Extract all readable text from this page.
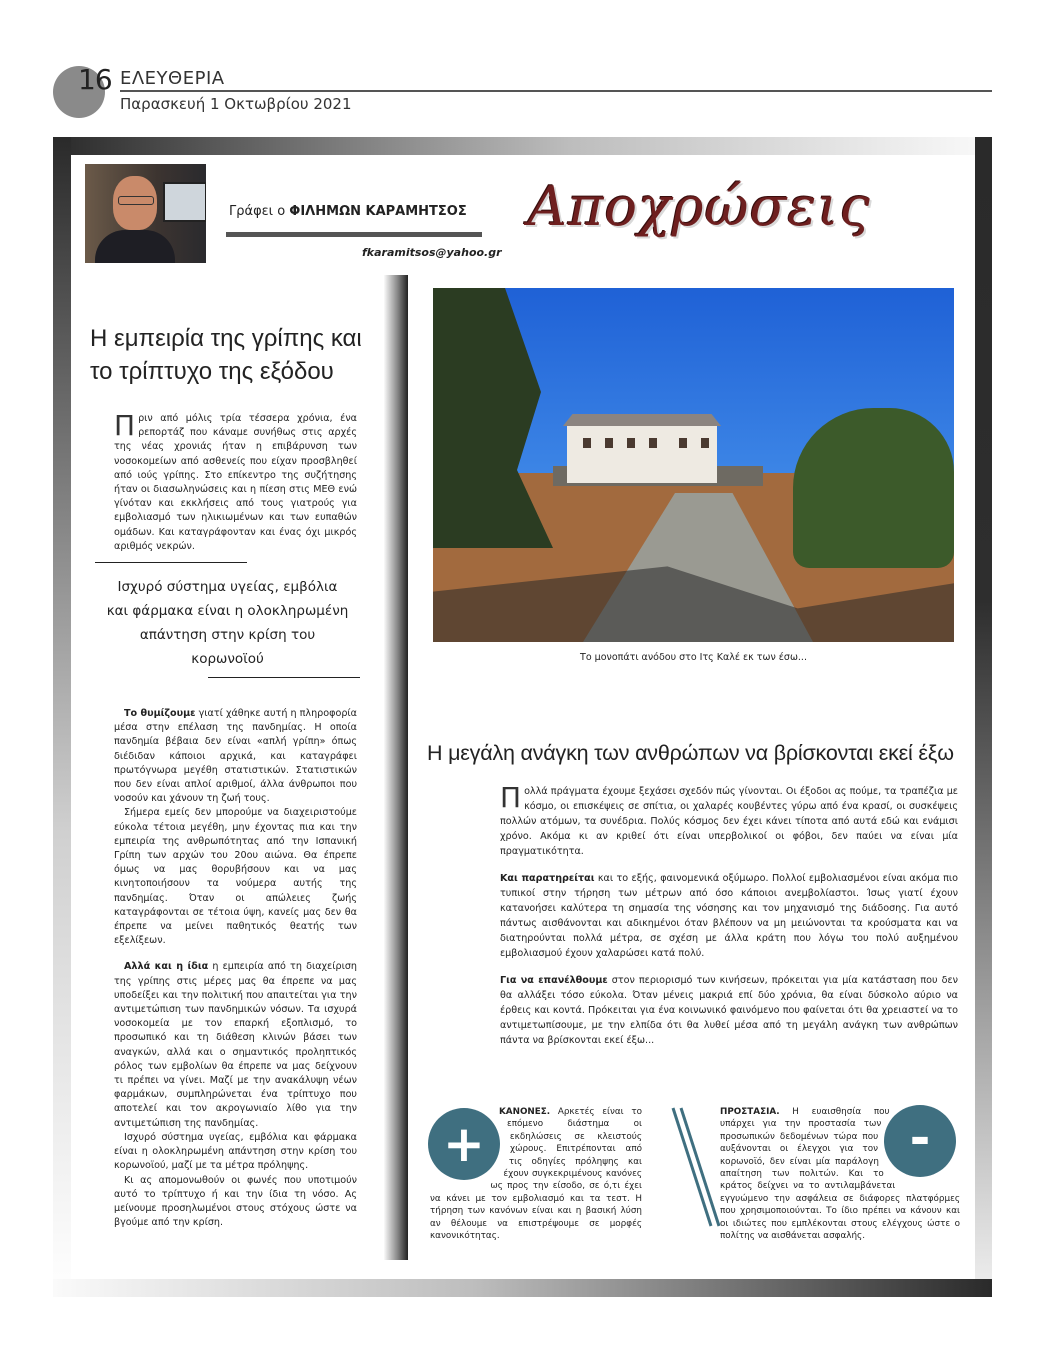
16 ΕΛΕΥΘΕΡΙΑ
Παρασκευή 1 Οκτωβρίου 2021
Γράφει ο ΦΙΛΗΜΩΝ ΚΑΡΑΜΗΤΣΟΣ
fkaramitsos@yahoo.gr
Αποχρώσεις
Η εμπειρία της γρίπης και
το τρίπτυχο της εξόδου
Πριν από μόλις τρία τέσσερα χρόνια, ένα ρεπορτάζ που κάναμε συνήθως στις αρχές της νέας χρονιάς ήταν η επιβάρυνση των νοσοκομείων από ασθενείς που είχαν προσβληθεί από ιούς γρίπης. Στο επίκεντρο της συζήτησης ήταν οι διασωληνώσεις και η πίεση στις ΜΕΘ ενώ γίνόταν και εκκλήσεις από τους γιατρούς για εμβολιασμό των ηλικιωμένων και των ευπαθών ομάδων. Και καταγράφονταν και ένας όχι μικρός αριθμός νεκρών.
Ισχυρό σύστημα υγείας, εμβόλια και φάρμακα είναι η ολοκληρωμένη απάντηση στην κρίση του κορωνοϊού

Το θυμίζουμε γιατί χάθηκε αυτή η πληροφορία μέσα στην επέλαση της πανδημίας. Η οποία πανδημία βέβαια δεν είναι «απλή γρίπη» όπως διέδιδαν κάποιοι αρχικά, και καταγράφει πρωτόγνωρα μεγέθη στατιστικών. Στατιστικών που δεν είναι απλοί αριθμοί, άλλα άνθρωποι που νοσούν και χάνουν τη ζωή τους.

Σήμερα εμείς δεν μπορούμε να διαχειριστούμε εύκολα τέτοια μεγέθη, μην έχοντας πια και την εμπειρία της ανθρωπότητας από την Ισπανική Γρίπη των αρχών του 20ου αιώνα. Θα έπρεπε όμως να μας θορυβήσουν και να μας κινητοποιήσουν τα νούμερα αυτής της πανδημίας. Όταν οι απώλειες ζωής καταγράφονται σε τέτοια ύψη, κανείς μας δεν θα έπρεπε να μείνει παθητικός θεατής των εξελίξεων.

Αλλά και η ίδια η εμπειρία από τη διαχείριση της γρίπης στις μέρες μας θα έπρεπε να μας υποδείξει και την πολιτική που απαιτείται για την αντιμετώπιση των πανδημικών νόσων. Τα ισχυρά νοσοκομεία με τον επαρκή εξοπλισμό, το προσωπικό και τη διάθεση κλινών βάσει των αναγκών, αλλά και ο σημαντικός προληπτικός ρόλος των εμβολίων θα έπρεπε να μας δείχνουν τι πρέπει να γίνει. Μαζί με την ανακάλυψη νέων φαρμάκων, συμπληρώνεται ένα τρίπτυχο που αποτελεί και τον ακρογωνιαίο λίθο για την αντιμετώπιση της πανδημίας.

Ισχυρό σύστημα υγείας, εμβόλια και φάρμακα είναι η ολοκληρωμένη απάντηση στην κρίση του κορωνοϊού, μαζί με τα μέτρα πρόληψης.

Κι ας απομονωθούν οι φωνές που υποτιμούν αυτό το τρίπτυχο ή και την ίδια τη νόσο. Ας μείνουμε προσηλωμένοι στους στόχους ώστε να βγούμε από την κρίση.

Το μονοπάτι ανόδου στο Ιτς Καλέ εκ των έσω...
Η μεγάλη ανάγκη των ανθρώπων να βρίσκονται εκεί έξω

Πολλά πράγματα έχουμε ξεχάσει σχεδόν πώς γίνονται. Οι έξοδοι ας πούμε, τα τραπέζια με κόσμο, οι επισκέψεις σε σπίτια, οι χαλαρές κουβέντες γύρω από ένα κρασί, οι συσκέψεις πολλών ατόμων, τα συνέδρια. Πολύς κόσμος δεν έχει κάνει τίποτα από αυτά εδώ και ενάμισι χρόνο. Ακόμα κι αν κριθεί ότι είναι υπερβολικοί οι φόβοι, δεν παύει να είναι μία πραγματικότητα.

Και παρατηρείται και το εξής, φαινομενικά οξύμωρο. Πολλοί εμβολιασμένοι είναι ακόμα πιο τυπικοί στην τήρηση των μέτρων από όσο κάποιοι ανεμβολίαστοι. Ίσως γιατί έχουν κατανοήσει καλύτερα τη σημασία της νόσησης και τον μηχανισμό της διάδοσης. Για αυτό πάντως αισθάνονται και αδικημένοι όταν βλέπουν να μη μειώνονται τα κρούσματα και να διατηρούνται πολλά μέτρα, σε σχέση με άλλα κράτη που λόγω του πολύ αυξημένου εμβολιασμού έχουν χαλαρώσει κατά πολύ.

Για να επανέλθουμε στον περιορισμό των κινήσεων, πρόκειται για μία κατάσταση που δεν θα αλλάξει τόσο εύκολα. Όταν μένεις μακριά επί δύο χρόνια, θα είναι δύσκολο αύριο να έρθεις και κοντά. Πρόκειται για ένα κοινωνικό φαινόμενο που φαίνεται ότι θα χρειαστεί να το αντιμετωπίσουμε, με την ελπίδα ότι θα λυθεί μέσα από τη μεγάλη ανάγκη των ανθρώπων πάντα να βρίσκονται εκεί έξω...

ΚΑΝΟΝΕΣ. Αρκετές είναι το επόμενο διάστημα οι εκδηλώσεις σε κλειστούς χώρους. Επιτρέπονται από τις οδηγίες πρόληψης και έχουν συγκεκριμένους κανόνες ως προς την είσοδο, σε ό,τι έχει να κάνει με τον εμβολιασμό και τα τεστ. Η τήρηση των κανόνων είναι και η βασική λύση αν θέλουμε να επιστρέψουμε σε μορφές κανονικότητας.
+
ΠΡΟΣΤΑΣΙΑ. Η ευαισθησία που υπάρχει για την προστασία των προσωπικών δεδομένων τώρα που αυξάνονται οι έλεγχοι για τον κορωνοϊό, δεν είναι μία παράλογη απαίτηση των πολιτών. Και το κράτος δείχνει να το αντιλαμβάνεται εγγυώμενο την ασφάλεια σε διάφορες πλατφόρμες που χρησιμοποιούνται. Το ίδιο πρέπει να κάνουν και οι ιδιώτες που εμπλέκονται στους ελέγχους ώστε ο πολίτης να αισθάνεται ασφαλής.
-
